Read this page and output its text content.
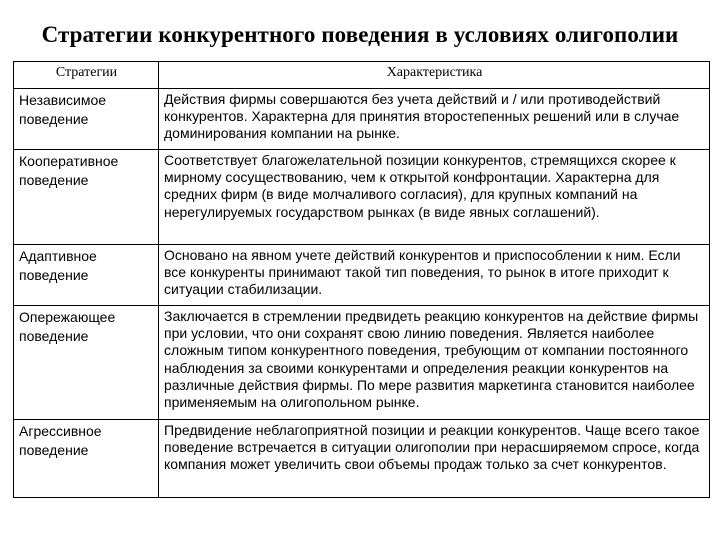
Стратегии конкурентного поведения в условиях олигополии
Стратегии	Характеристика
Независимое поведение	Действия фирмы совершаются без учета действий и / или противодействий конкурентов. Характерна для принятия второстепенных решений или в случае доминирования компании на рынке.
Кооперативное поведение	Соответствует благожелательной позиции конкурентов, стремящихся скорее к мирному сосуществованию, чем к открытой конфронтации. Характерна для средних фирм (в виде молчаливого согласия), для крупных компаний на нерегулируемых государством рынках (в виде явных соглашений).
Адаптивное поведение	Основано на явном учете действий конкурентов и приспособлении к ним. Если все конкуренты принимают такой тип поведения, то рынок в итоге приходит к ситуации стабилизации.
Опережающее поведение	Заключается в стремлении предвидеть реакцию конкурентов на действие фирмы при условии, что они сохранят свою линию поведения. Является наиболее сложным типом конкурентного поведения, требующим от компании постоянного наблюдения за своими конкурентами и определения реакции конкурентов на различные действия фирмы. По мере развития маркетинга становится наиболее применяемым на олигопольном рынке.
Агрессивное поведение	Предвидение неблагоприятной позиции и реакции конкурентов. Чаще всего такое поведение встречается в ситуации олигополии при нерасширяемом спросе, когда компания может увеличить свои объемы продаж только за счет конкурентов.
